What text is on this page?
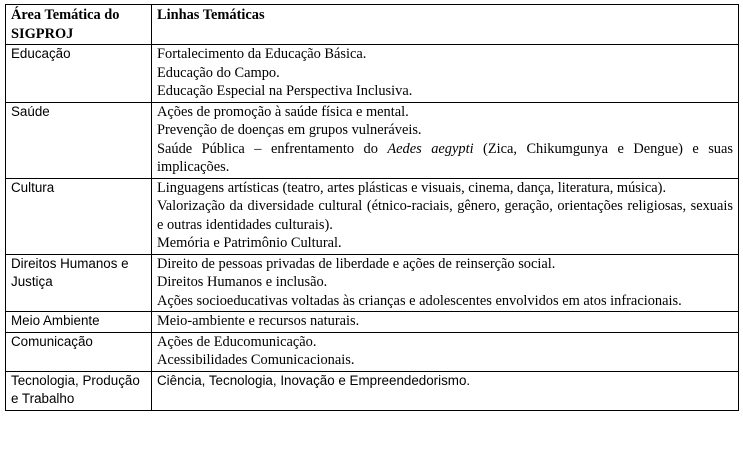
Área Temática do SIGPROJ	Linhas Temáticas
Educação	Fortalecimento da Educação Básica.

Educação do Campo.

Educação Especial na Perspectiva Inclusiva.

Saúde	Ações de promoção à saúde física e mental.

Prevenção de doenças em grupos vulneráveis.

Saúde Pública – enfrentamento do Aedes aegypti (Zica, Chikumgunya e Dengue) e suas implicações.

Cultura	Linguagens artísticas (teatro, artes plásticas e visuais, cinema, dança, literatura, música).

Valorização da diversidade cultural (étnico-raciais, gênero, geração, orientações religiosas, sexuais e outras identidades culturais).

Memória e Patrimônio Cultural.

Direitos Humanos e Justiça	Direito de pessoas privadas de liberdade e ações de reinserção social.

Direitos Humanos e inclusão.

Ações socioeducativas voltadas às crianças e adolescentes envolvidos em atos infracionais.

Meio Ambiente	Meio-ambiente e recursos naturais.

Comunicação	Ações de Educomunicação.

Acessibilidades Comunicacionais.

Tecnologia, Produção e Trabalho	Ciência, Tecnologia, Inovação e Empreendedorismo.
